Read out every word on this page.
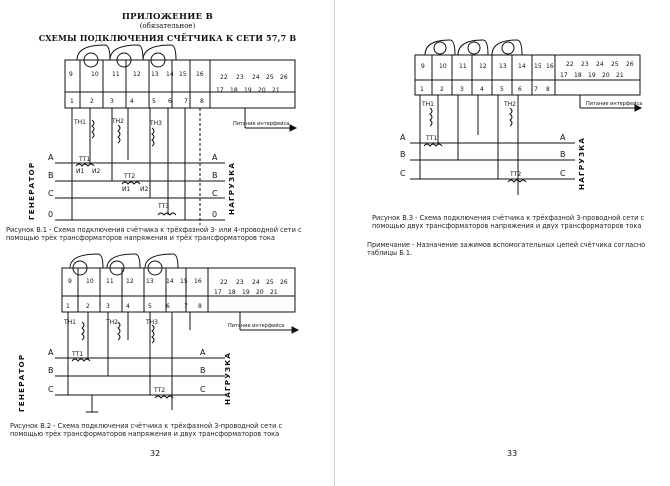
ПРИЛОЖЕНИЕ В
(обязательное)
СХЕМЫ ПОДКЛЮЧЕНИЯ СЧЁТЧИКА К СЕТИ 57,7 В
9	10 11 12 13 14 15 16
1	2	3	4	5 6 7 8
22 23 24 25 26
17 18 19 20 21
Питание интерфейса
ТН1	ТН2	ТН3
ТТ1
ТТ2
ТТ3
И1 И2
И1 И2
A
B
C
0
A
B
C
0
ГЕНЕРАТОР	НАГРУЗКА
Рисунок В.1 - Схема подключения счётчика к трёхфазной 3- или 4-проводной сети с помощью трёх трансформаторов напряжения и трёх трансформаторов тока
9 10 11 12 13 14 15 16
1	2	3	4	5 6 7 8
22 23 24 25 26
17 18 19 20 21
Питание интерфейса
ТН1	ТН2	ТН3
ТТ1
ТТ2
A
B
C
A
B
C
ГЕНЕРАТОР	НАГРУЗКА
Рисунок В.2 - Схема подключения счётчика к трёхфазной 3-проводной сети с помощью трёх трансформаторов напряжения и двух трансформаторов тока
9 10 11 12 13 14 15 16
1	2	3	4	5 6 7 8
22 23 24 25 26
17 18 19 20 21
Питание интерфейса
ТН1	ТН2
ТТ1
ТТ2
A
B
C
A
B
C НАГРУЗКА
Рисунок В.3 - Схема подключения счётчика к трёхфазной 3-проводной сети с помощью двух трансформаторов напряжения и двух трансформаторов тока
Примечание - Назначение зажимов вспомогательных цепей счётчика согласно таблицы Б.1.
32	33
